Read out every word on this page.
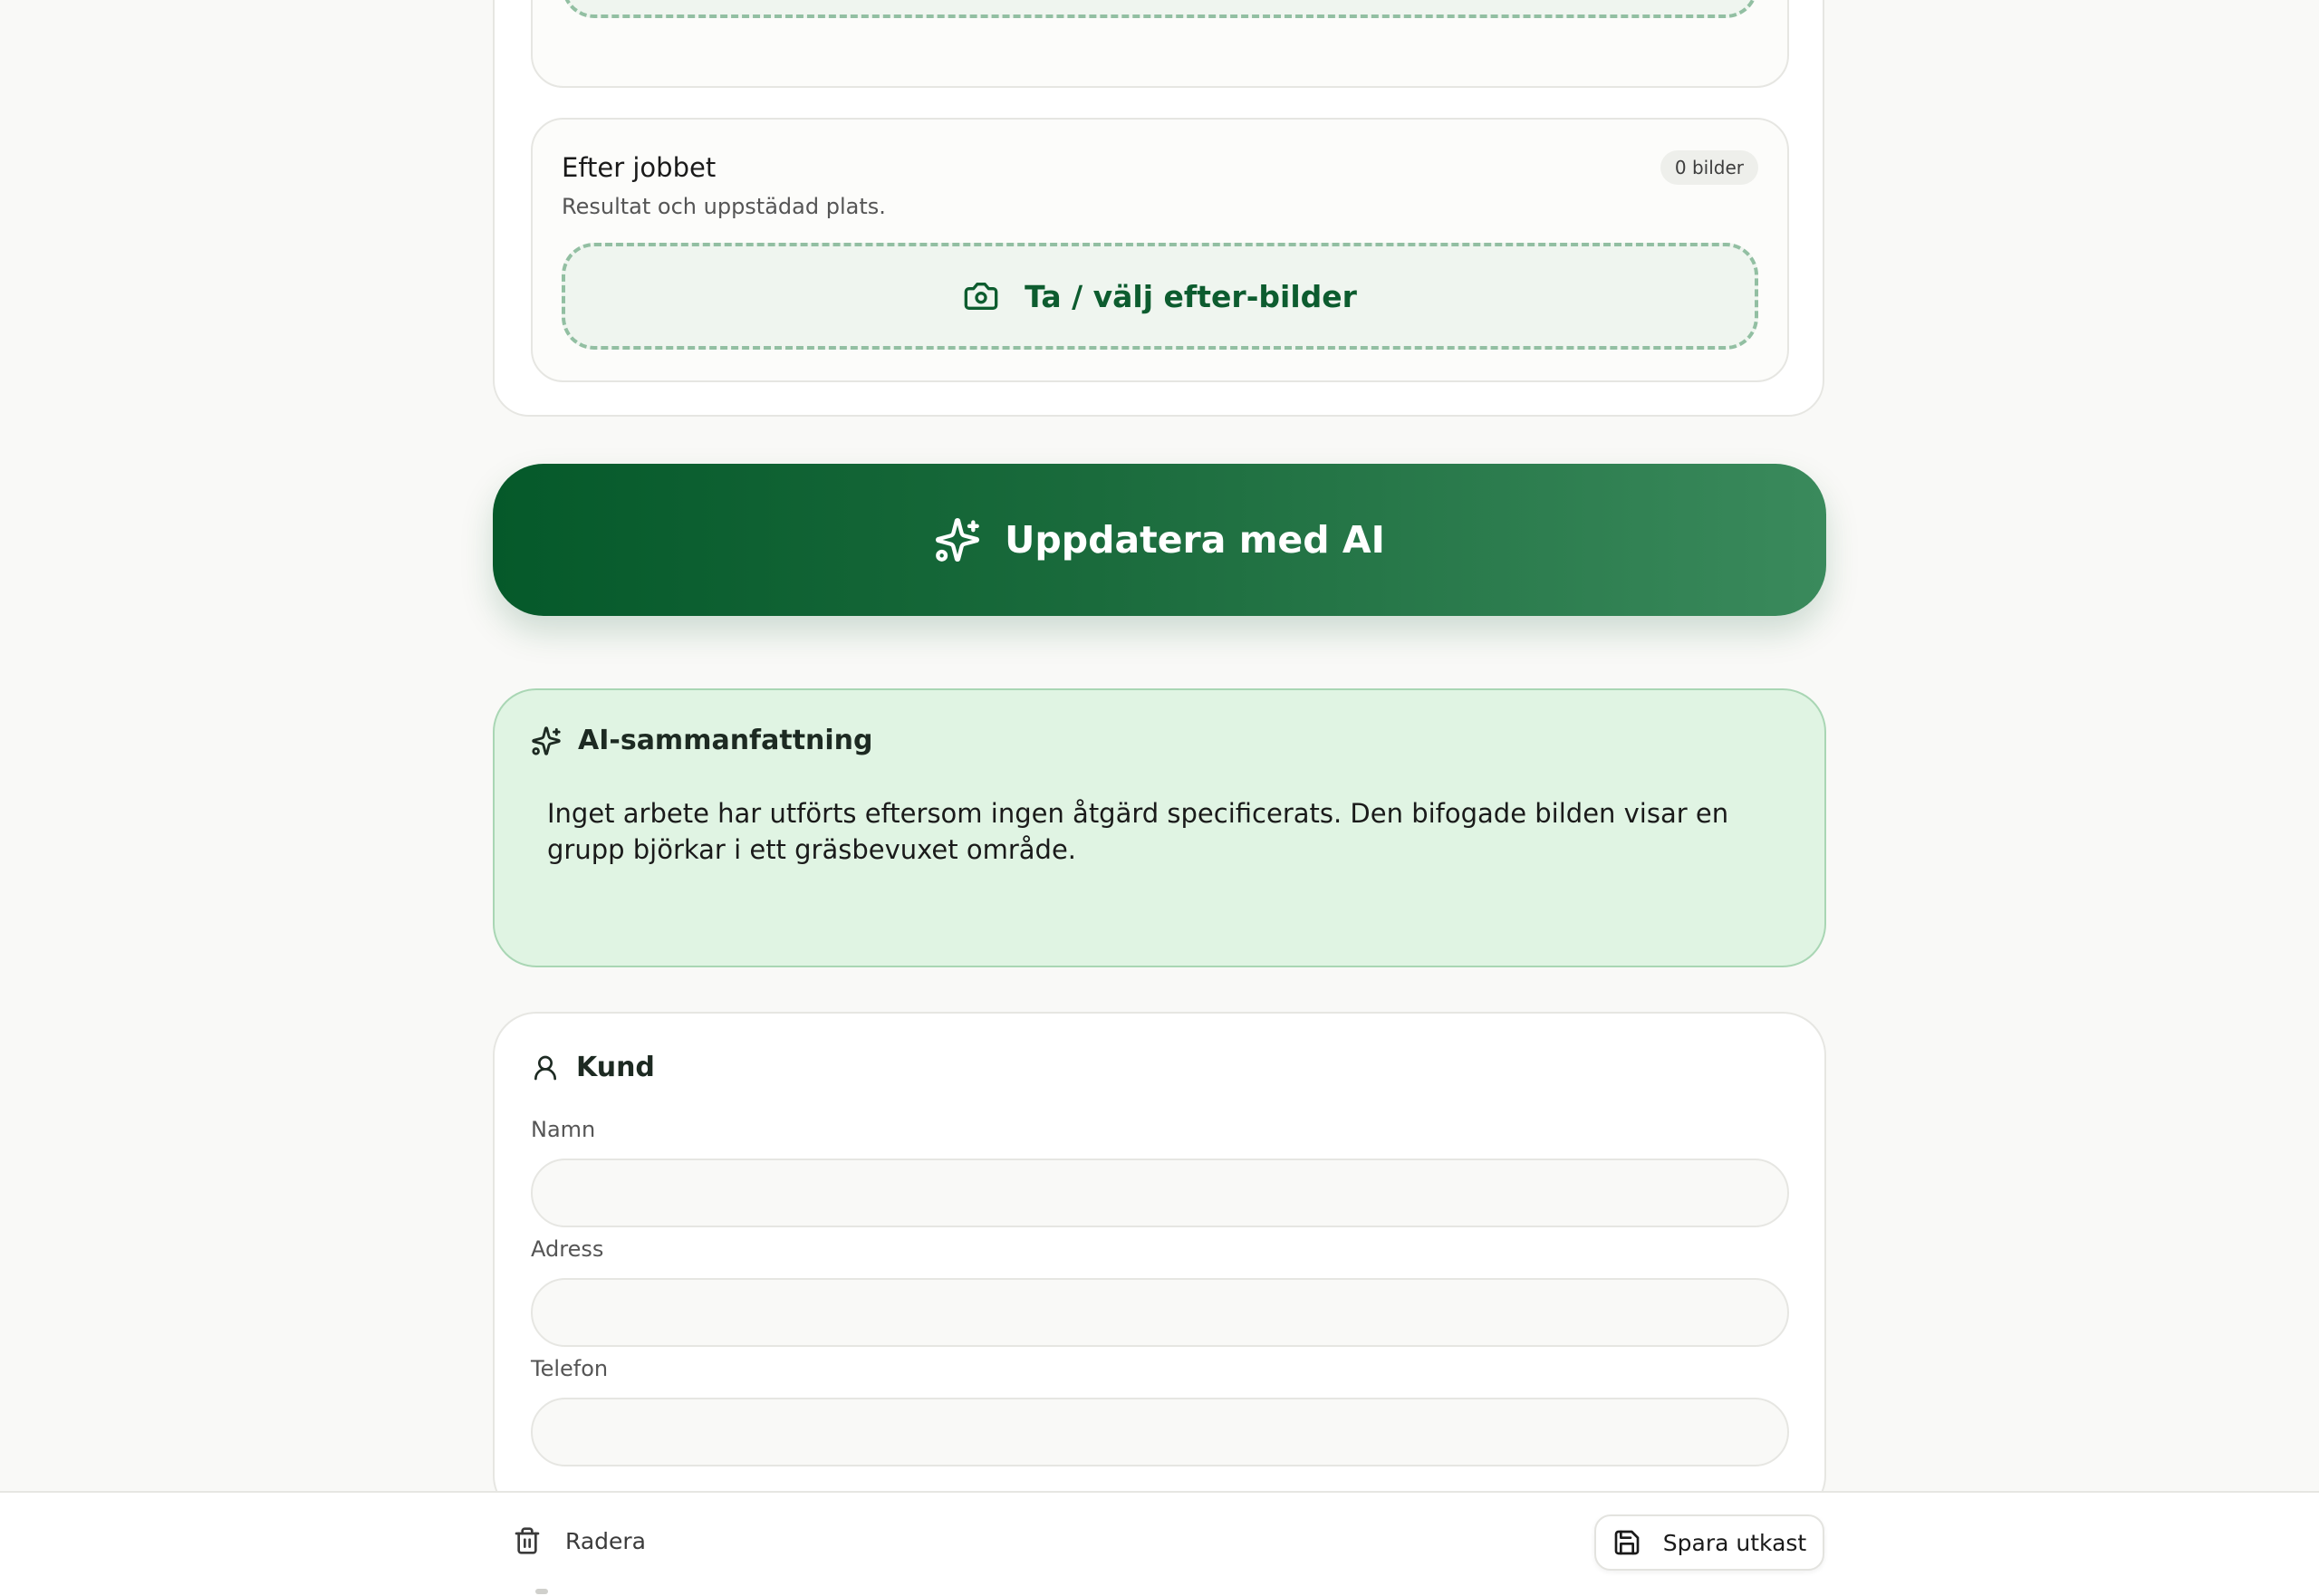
Efter jobbet
Resultat och uppstädad plats.
0 bilder
Ta / välj efter-bilder
Uppdatera med AI
AI-sammanfattning
Inget arbete har utförts eftersom ingen åtgärd specificerats. Den bifogade bilden visar en grupp björkar i ett gräsbevuxet område.
Kund
Namn
Adress
Telefon
Radera	Spara utkast
